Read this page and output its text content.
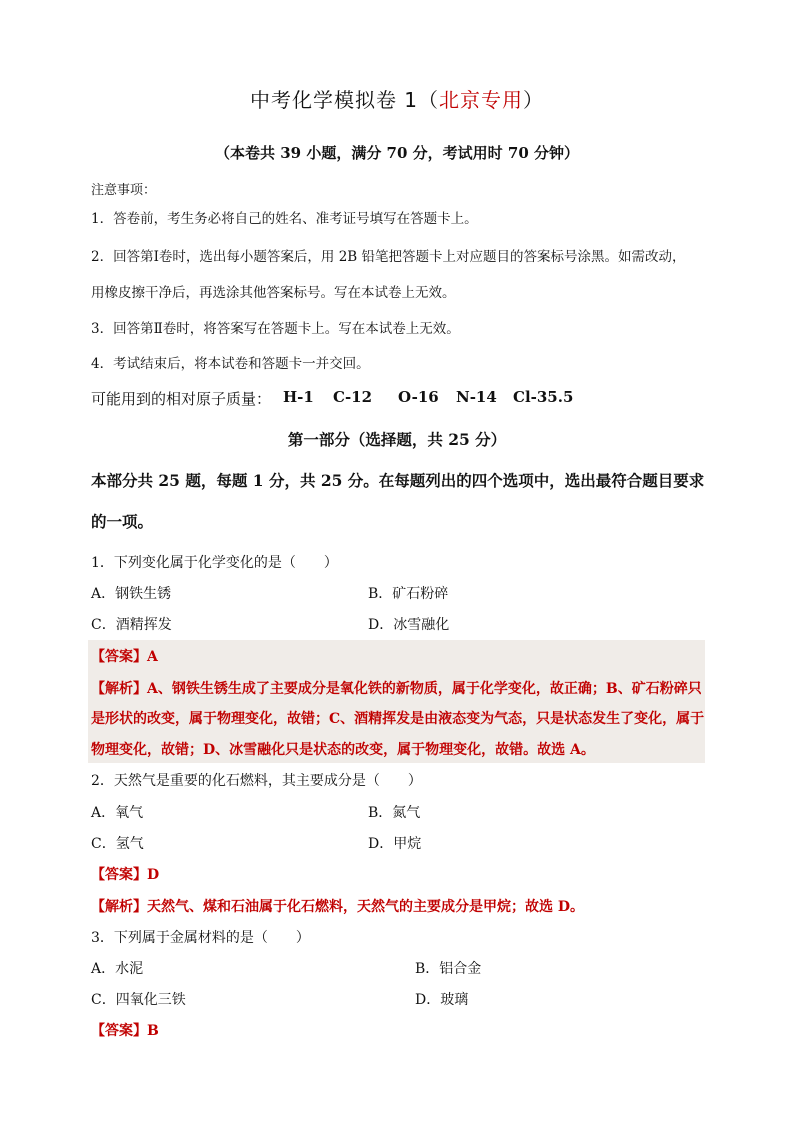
中考化学模拟卷 1（北京专用）
（本卷共 39 小题，满分 70 分，考试用时 70 分钟）
注意事项：
1．答卷前，考生务必将自己的姓名、准考证号填写在答题卡上。
2．回答第Ⅰ卷时，选出每小题答案后，用 2B 铅笔把答题卡上对应题目的答案标号涂黑。如需改动，
用橡皮擦干净后，再选涂其他答案标号。写在本试卷上无效。
3．回答第Ⅱ卷时，将答案写在答题卡上。写在本试卷上无效。
4．考试结束后，将本试卷和答题卡一并交回。
可能用到的相对原子质量： H-1 C-12 O-16 N-14 Cl-35.5
第一部分（选择题，共 25 分）
本部分共 25 题，每题 1 分，共 25 分。在每题列出的四个选项中，选出最符合题目要求
的一项。
1．下列变化属于化学变化的是（　　）
A．钢铁生锈	B．矿石粉碎
C．酒精挥发	D．冰雪融化
【答案】A
【解析】A、钢铁生锈生成了主要成分是氧化铁的新物质，属于化学变化，故正确；B、矿石粉碎只
是形状的改变，属于物理变化，故错；C、酒精挥发是由液态变为气态，只是状态发生了变化，属于
物理变化，故错；D、冰雪融化只是状态的改变，属于物理变化，故错。故选 A。
2．天然气是重要的化石燃料，其主要成分是（　　）
A．氧气	B．氮气
C．氢气	D．甲烷
【答案】D
【解析】天然气、煤和石油属于化石燃料，天然气的主要成分是甲烷；故选 D。
3．下列属于金属材料的是（　　）
A．水泥	B．铝合金
C．四氧化三铁	D．玻璃
【答案】B
